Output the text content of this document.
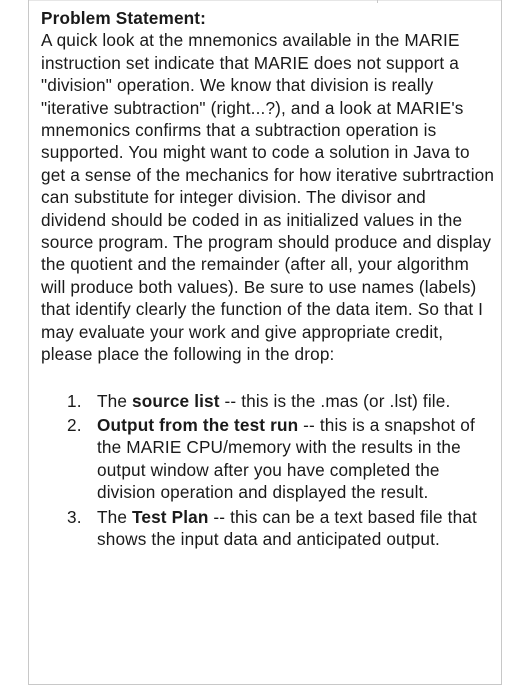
Problem Statement:

A quick look at the mnemonics available in the MARIE instruction set indicate that MARIE does not support a "division" operation. We know that division is really "iterative subtraction" (right...?), and a look at MARIE's mnemonics confirms that a subtraction operation is supported. You might want to code a solution in Java to get a sense of the mechanics for how iterative subrtraction can substitute for integer division. The divisor and dividend should be coded in as initialized values in the source program. The program should produce and display the quotient and the remainder (after all, your algorithm will produce both values). Be sure to use names (labels) that identify clearly the function of the data item. So that I may evaluate your work and give appropriate credit, please place the following in the drop:

1. The source list -- this is the .mas (or .lst) file.
2. Output from the test run -- this is a snapshot of the MARIE CPU/memory with the results in the output window after you have completed the division operation and displayed the result.
3. The Test Plan -- this can be a text based file that shows the input data and anticipated output.
